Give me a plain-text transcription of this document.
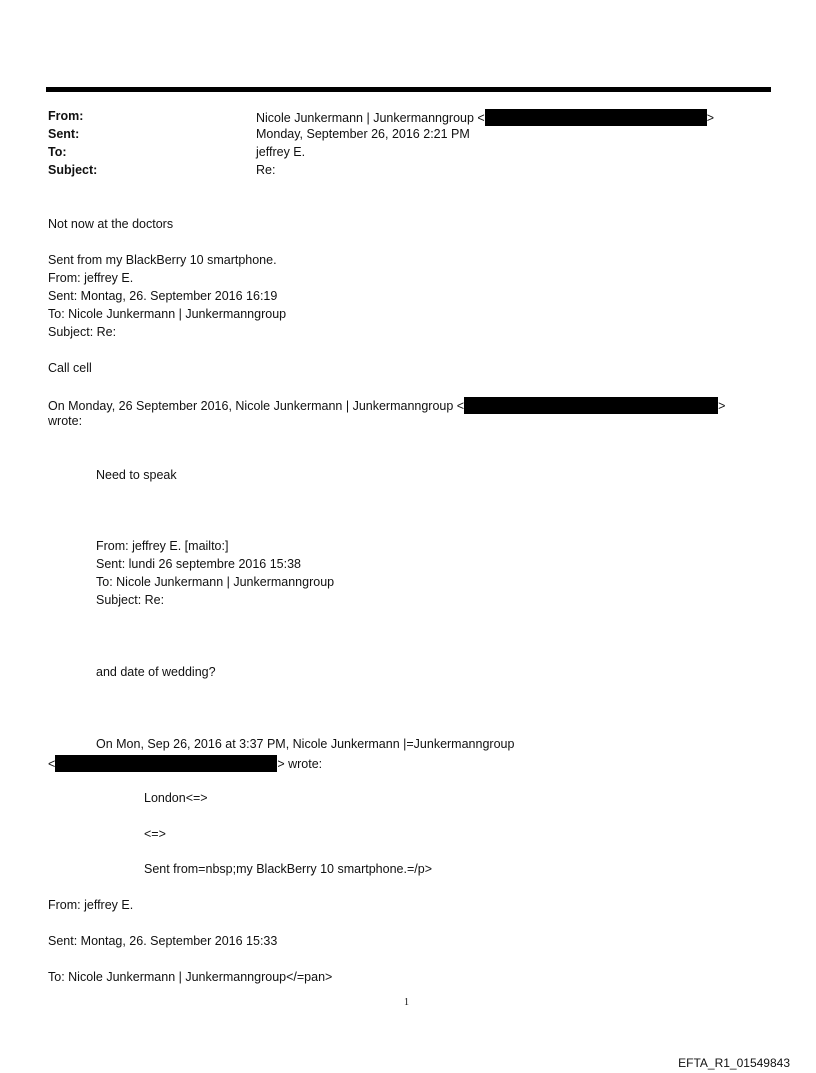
From:	Nicole Junkermann | Junkermanngroup <	>
Sent:	Monday, September 26, 2016 2:21 PM
To:	jeffrey E.
Subject:	Re:
Not now at the doctors
Sent from my BlackBerry 10 smartphone.
From: jeffrey E.
Sent: Montag, 26. September 2016 16:19
To: Nicole Junkermann | Junkermanngroup
Subject: Re:
Call cell
On Monday, 26 September 2016, Nicole Junkermann | Junkermanngroup <	>
wrote:
Need to speak
From: jeffrey E. [mailto:]
Sent: lundi 26 septembre 2016 15:38
To: Nicole Junkermann | Junkermanngroup
Subject: Re:
and date of wedding?
On Mon, Sep 26, 2016 at 3:37 PM, Nicole Junkermann |=Junkermanngroup
<	> wrote:
London<=>
<=>
Sent from=nbsp;my BlackBerry 10 smartphone.=/p>
From: jeffrey E.
Sent: Montag, 26. September 2016 15:33
To: Nicole Junkermann | Junkermanngroup</=pan>
1
EFTA_R1_01549843
